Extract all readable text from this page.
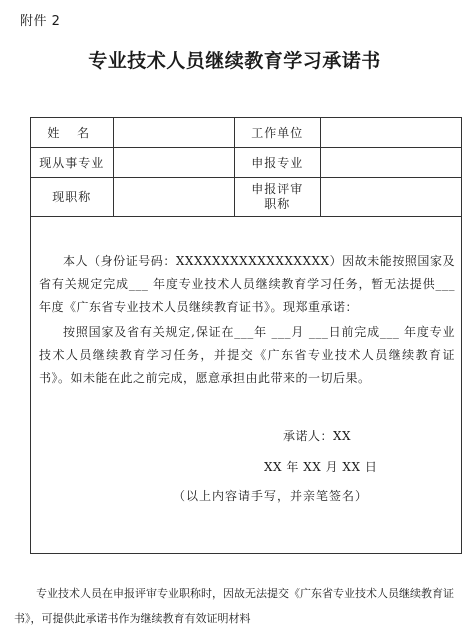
附件 2
专业技术人员继续教育学习承诺书
姓 名		工作单位	
现从事专业		申报专业	
现职称		申报评审
职称	

本人（身份证号码：XXXXXXXXXXXXXXXXX）因故未能按照国家及省有关规定完成___ 年度专业技术人员继续教育学习任务，暂无法提供___年度《广东省专业技术人员继续教育证书》。现郑重承诺：

按照国家及省有关规定,保证在___年 ___月 ___日前完成___ 年度专业技术人员继续教育学习任务，并提交《广东省专业技术人员继续教育证书》。如未能在此之前完成，愿意承担由此带来的一切后果。

承诺人：XX
XX 年 XX 月 XX 日
（以上内容请手写，并亲笔签名）
专业技术人员在申报评审专业职称时，因故无法提交《广东省专业技术人员继续教育证书》，可提供此承诺书作为继续教育有效证明材料
